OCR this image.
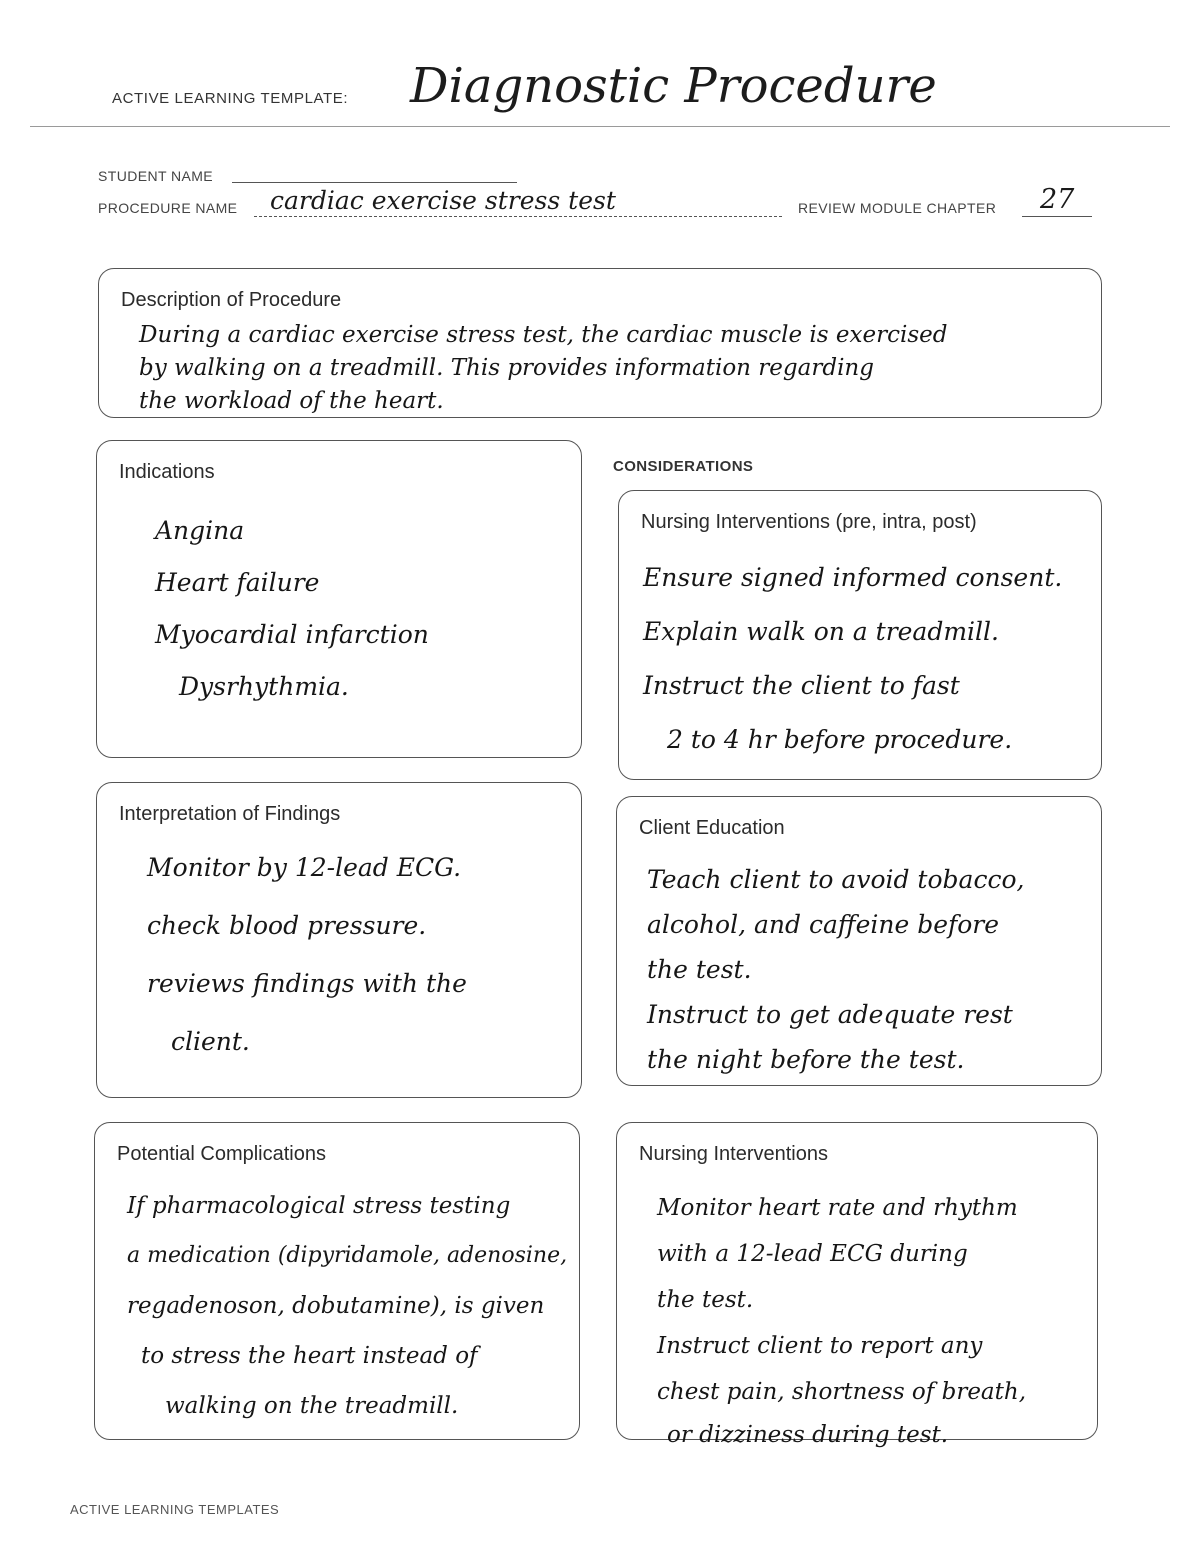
ACTIVE LEARNING TEMPLATE: Diagnostic Procedure
STUDENT NAME
PROCEDURE NAME cardiac exercise stress test	REVIEW MODULE CHAPTER 27
Description of Procedure
During a cardiac exercise stress test, the cardiac muscle is exercised
by walking on a treadmill. This provides information regarding
the workload of the heart.
Indications
Angina
Heart failure
Myocardial infarction
Dysrhythmia.
CONSIDERATIONS
Nursing Interventions (pre, intra, post)
Ensure signed informed consent.
Explain walk on a treadmill.
Instruct the client to fast
2 to 4 hr before procedure.
Interpretation of Findings
Monitor by 12-lead ECG.
check blood pressure.
reviews findings with the
client.
Client Education
Teach client to avoid tobacco,
alcohol, and caffeine before
the test.
Instruct to get adequate rest
the night before the test.
Potential Complications
If pharmacological stress testing
a medication (dipyridamole, adenosine,
regadenoson, dobutamine), is given
to stress the heart instead of
walking on the treadmill.
Nursing Interventions
Monitor heart rate and rhythm
with a 12-lead ECG during
the test.
Instruct client to report any
chest pain, shortness of breath,
or dizziness during test.
ACTIVE LEARNING TEMPLATES
